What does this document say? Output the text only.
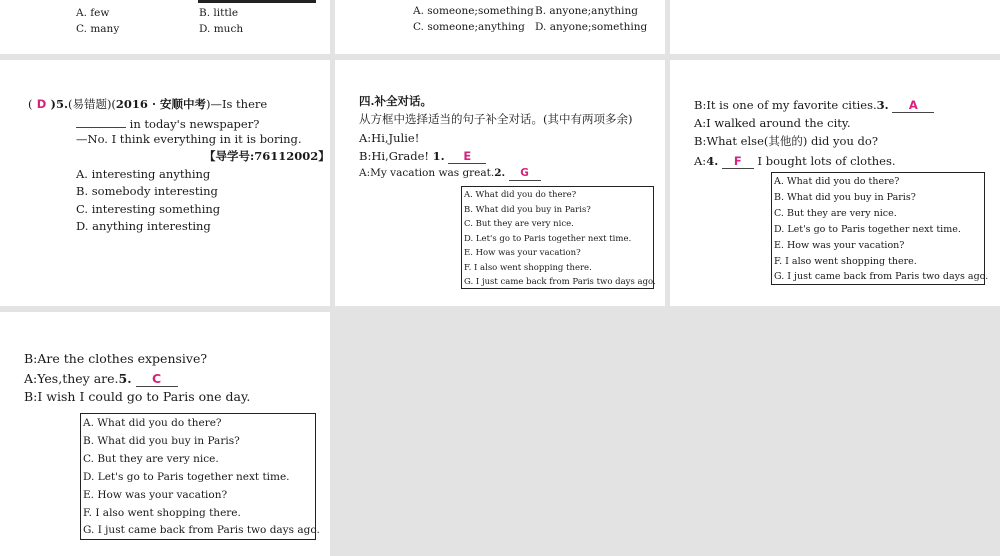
A. few	B. little
C. many	D. much
A. someone;something B. anyone;anything
C. someone;anything D. anyone;something
( D )5.(易错题)(2016 · 安顺中考)—Is there
in today's newspaper?
—No. I think everything in it is boring.
【导学号:76112002】
A. interesting anything
B. somebody interesting
C. interesting something
D. anything interesting
四.补全对话。
从方框中选择适当的句子补全对话。(其中有两项多余)
A:Hi,Julie!
B:Hi,Grade! 1. E
A:My vacation was great.2. G
A. What did you do there?
B. What did you buy in Paris?
C. But they are very nice.
D. Let's go to Paris together next time.
E. How was your vacation?
F. I also went shopping there.
G. I just came back from Paris two days ago.
B:It is one of my favorite cities.3. A
A:I walked around the city.
B:What else(其他的) did you do?
A:4. F I bought lots of clothes.
A. What did you do there?
B. What did you buy in Paris?
C. But they are very nice.
D. Let's go to Paris together next time.
E. How was your vacation?
F. I also went shopping there.
G. I just came back from Paris two days ago.
B:Are the clothes expensive?
A:Yes,they are.5. C
B:I wish I could go to Paris one day.
A. What did you do there?
B. What did you buy in Paris?
C. But they are very nice.
D. Let's go to Paris together next time.
E. How was your vacation?
F. I also went shopping there.
G. I just came back from Paris two days ago.
